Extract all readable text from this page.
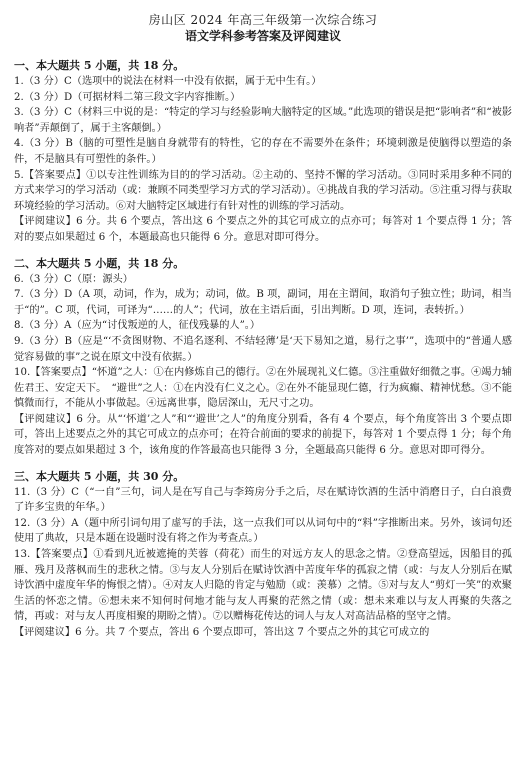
房山区 2024 年高三年级第一次综合练习
语文学科参考答案及评阅建议
一、本大题共 5 小题，共 18 分。

1.（3 分）C（选项中的说法在材料一中没有依据，属于无中生有。）

2.（3 分）D（可据材料二第三段文字内容推断。）

3.（3 分）C（材料三中说的是：“特定的学习与经验影响大脑特定的区域。”此选项的错误是把“影响者”和“被影响者”弄颠倒了，属于主客颠倒。）

4.（3 分）B（脑的可塑性是脑自身就带有的特性，它的存在不需要外在条件；环境刺激是使脑得以塑造的条件，不是脑具有可塑性的条件。）

5.【答案要点】①以专注性训练为目的的学习活动。②主动的、坚持不懈的学习活动。③同时采用多种不同的方式来学习的学习活动（或：兼顾不同类型学习方式的学习活动）。④挑战自我的学习活动。⑤注重习得与获取环境经验的学习活动。⑥对大脑特定区域进行有针对性的训练的学习活动。

【评阅建议】6 分。共 6 个要点，答出这 6 个要点之外的其它可成立的点亦可；每答对 1 个要点得 1 分；答对的要点如果超过 6 个，本题最高也只能得 6 分。意思对即可得分。

二、本大题共 5 小题，共 18 分。

6.（3 分）C（原：源头）

7.（3 分）D（A 项，动词，作为，成为；动词，做。B 项，副词，用在主谓间，取消句子独立性；助词，相当于“的”。C 项，代词，可译为“……的人”；代词，放在主语后面，引出判断。D 项，连词，表转折。）

8.（3 分）A（应为“讨伐叛逆的人，征伐残暴的人”。）

9.（3 分）B（应是“‘不贪图财物、不追名逐利、不结轻薄’是‘天下易知之道，易行之事’”，选项中的“普通人感觉容易做的事”之说在原文中没有依据。）

10.【答案要点】“怀道”之人：①在内修炼自己的德行。②在外展现礼义仁德。③注重做好细微之事。④竭力辅佐君王、安定天下。　“避世”之人：①在内没有仁义之心。②在外不能显现仁德，行为疯癫、精神忧愁。③不能慎微而行，不能从小事做起。④远离世事，隐居深山，无尺寸之功。

【评阅建议】6 分。从“‘怀道’之人”和“‘避世’之人”的角度分别看，各有 4 个要点，每个角度答出 3 个要点即可，答出上述要点之外的其它可成立的点亦可；在符合前面的要求的前提下，每答对 1 个要点得 1 分；每个角度答对的要点如果超过 3 个，该角度的作答最高也只能得 3 分，全题最高只能得 6 分。意思对即可得分。

三、本大题共 5 小题，共 30 分。

11.（3 分）C（“一自”三句，词人是在写自己与李筠房分手之后，尽在赋诗饮酒的生活中消磨日子，白白浪费了许多宝贵的年华。）

12.（3 分）A（题中所引词句用了虚写的手法，这一点我们可以从词句中的“料”字推断出来。另外，该词句还使用了典故，只是本题在设题时没有将之作为考查点。）

13.【答案要点】①看到凡近被遮掩的芙蓉（荷花）而生的对远方友人的思念之情。②登高望远，因船目的孤雁、残月及落枫而生的悲秋之情。③与友人分别后在赋诗饮酒中苦度年华的孤寂之情（或：与友人分别后在赋诗饮酒中虚度年华的悔恨之情）。④对友人归隐的肯定与勉励（或：羡慕）之情。⑤对与友人“剪灯一笑”的欢聚生活的怀恋之情。⑥想未来不知何时何地才能与友人再聚的茫然之情（或：想未来难以与友人再聚的失落之情，再或：对与友人再度相聚的期盼之情）。⑦以赠梅花传达的词人与友人对高洁品格的坚守之情。

【评阅建议】6 分。共 7 个要点，答出 6 个要点即可，答出这 7 个要点之外的其它可成立的
